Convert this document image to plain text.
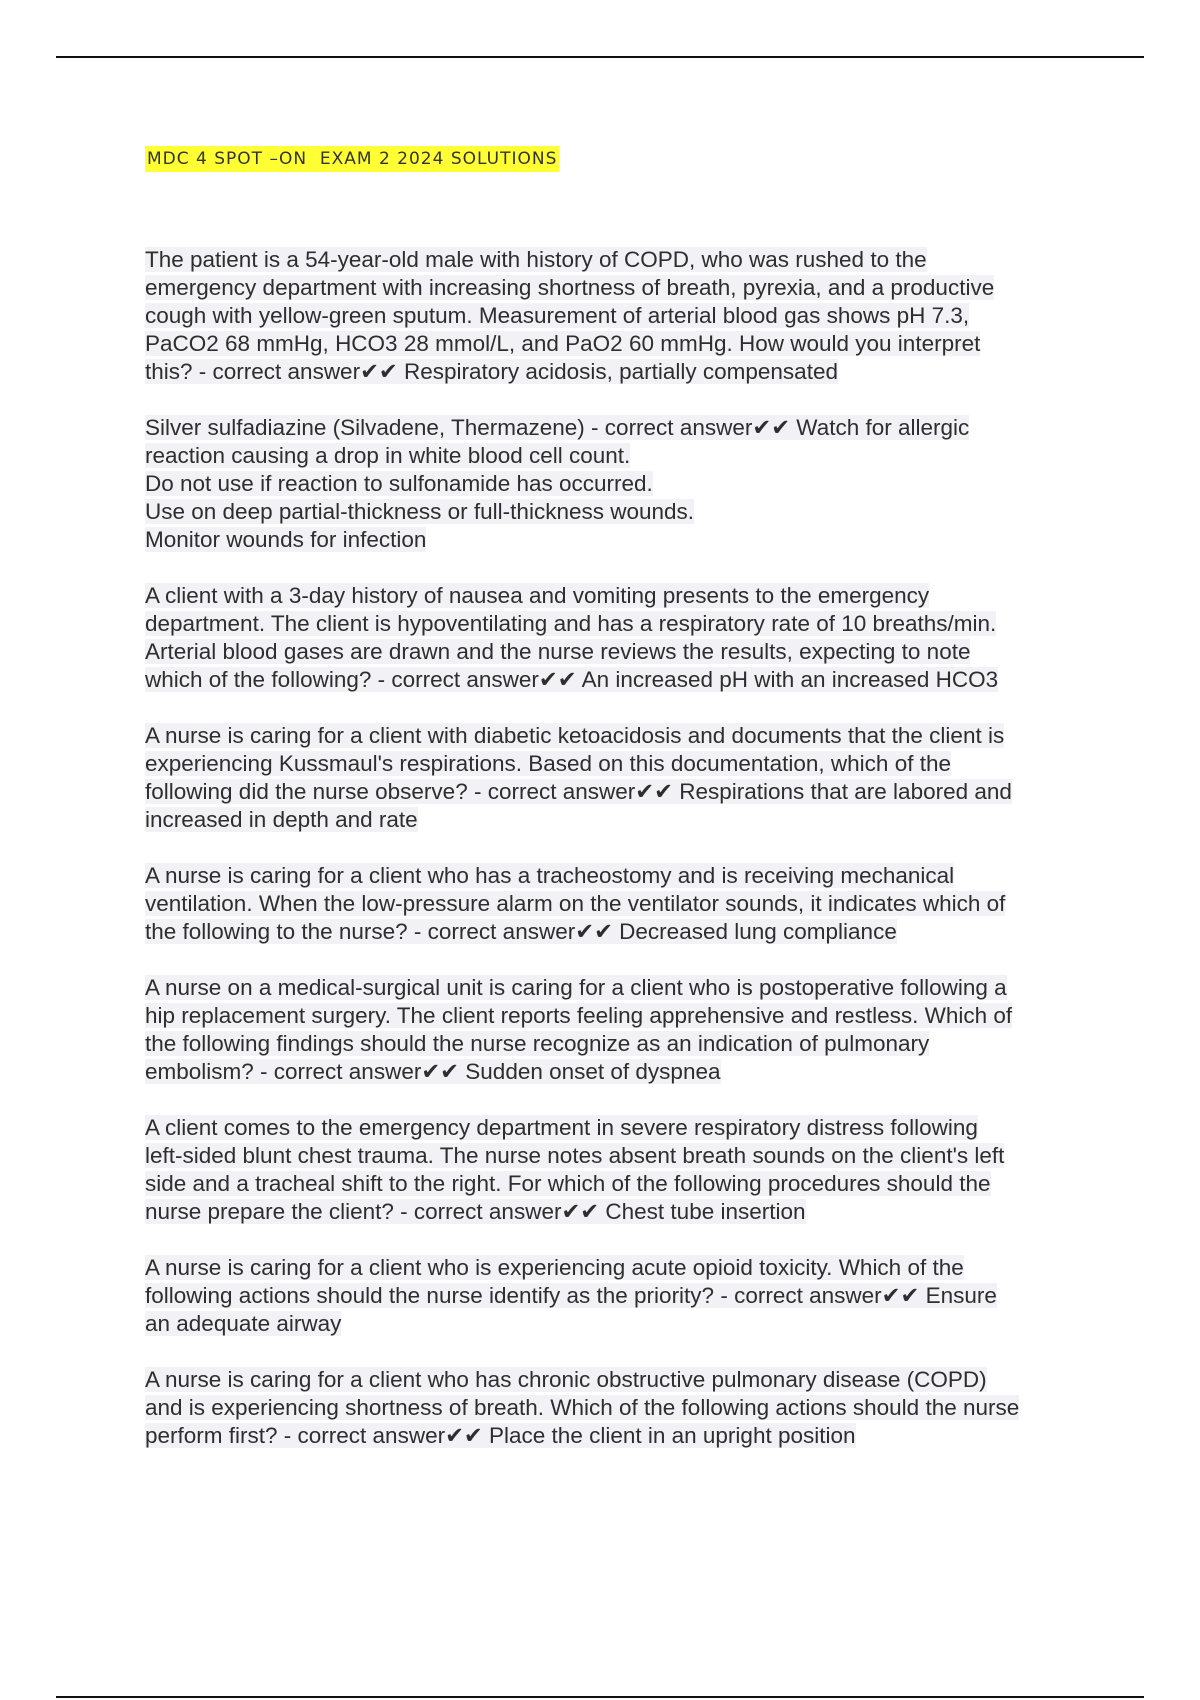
MDC 4 SPOT –ON  EXAM 2 2024 SOLUTIONS
The patient is a 54-year-old male with history of COPD, who was rushed to the
emergency department with increasing shortness of breath, pyrexia, and a productive
cough with yellow-green sputum. Measurement of arterial blood gas shows pH 7.3,
PaCO2 68 mmHg, HCO3 28 mmol/L, and PaO2 60 mmHg. How would you interpret
this? - correct answer✔✔ Respiratory acidosis, partially compensated
Silver sulfadiazine (Silvadene, Thermazene) - correct answer✔✔ Watch for allergic
reaction causing a drop in white blood cell count.
Do not use if reaction to sulfonamide has occurred.
Use on deep partial-thickness or full-thickness wounds.
Monitor wounds for infection
A client with a 3-day history of nausea and vomiting presents to the emergency
department. The client is hypoventilating and has a respiratory rate of 10 breaths/min.
Arterial blood gases are drawn and the nurse reviews the results, expecting to note
which of the following? - correct answer✔✔ An increased pH with an increased HCO3
A nurse is caring for a client with diabetic ketoacidosis and documents that the client is
experiencing Kussmaul's respirations. Based on this documentation, which of the
following did the nurse observe? - correct answer✔✔ Respirations that are labored and
increased in depth and rate
A nurse is caring for a client who has a tracheostomy and is receiving mechanical
ventilation. When the low-pressure alarm on the ventilator sounds, it indicates which of
the following to the nurse? - correct answer✔✔ Decreased lung compliance
A nurse on a medical-surgical unit is caring for a client who is postoperative following a
hip replacement surgery. The client reports feeling apprehensive and restless. Which of
the following findings should the nurse recognize as an indication of pulmonary
embolism? - correct answer✔✔ Sudden onset of dyspnea
A client comes to the emergency department in severe respiratory distress following
left-sided blunt chest trauma. The nurse notes absent breath sounds on the client's left
side and a tracheal shift to the right. For which of the following procedures should the
nurse prepare the client? - correct answer✔✔ Chest tube insertion
A nurse is caring for a client who is experiencing acute opioid toxicity. Which of the
following actions should the nurse identify as the priority? - correct answer✔✔ Ensure
an adequate airway
A nurse is caring for a client who has chronic obstructive pulmonary disease (COPD)
and is experiencing shortness of breath. Which of the following actions should the nurse
perform first? - correct answer✔✔ Place the client in an upright position
